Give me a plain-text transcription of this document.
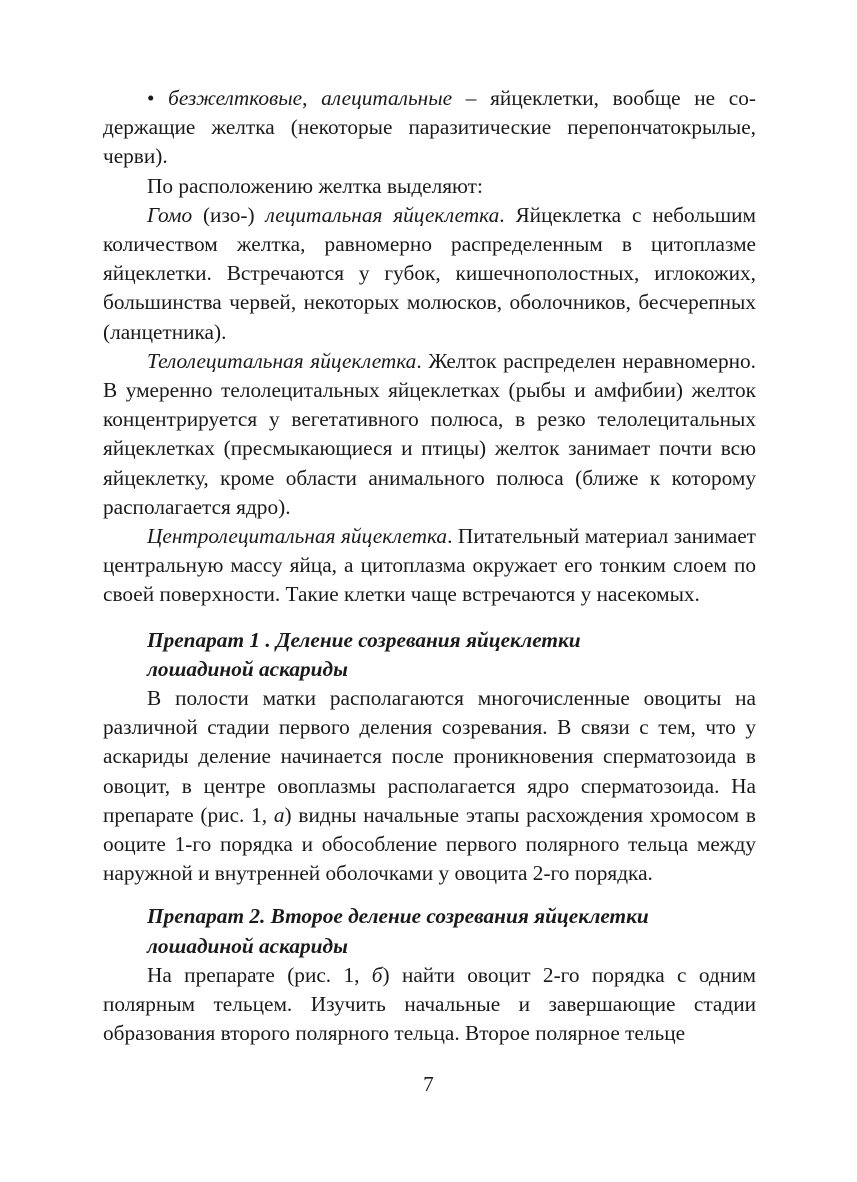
• безжелтковые, алецитальные – яйцеклетки, вообще не содержащие желтка (некоторые паразитические перепончатокрылые, черви).

По расположению желтка выделяют:

Гомо (изо-) лецитальная яйцеклетка. Яйцеклетка с небольшим количеством желтка, равномерно распределенным в цитоплазме яйцеклетки. Встречаются у губок, кишечнополостных, иглокожих, большинства червей, некоторых молюсков, оболочников, бесчерепных (ланцетника).

Телолецитальная яйцеклетка. Желток распределен неравномерно. В умеренно телолецитальных яйцеклетках (рыбы и амфибии) желток концентрируется у вегетативного полюса, в резко телолецитальных яйцеклетках (пресмыкающиеся и птицы) желток занимает почти всю яйцеклетку, кроме области анимального полюса (ближе к которому располагается ядро).

Центролецитальная яйцеклетка. Питательный материал занимает центральную массу яйца, а цитоплазма окружает его тонким слоем по своей поверхности. Такие клетки чаще встречаются у насекомых.

Препарат 1 . Деление созревания яйцеклетки
лошадиной аскариды

В полости матки располагаются многочисленные овоциты на различной стадии первого деления созревания. В связи с тем, что у аскариды деление начинается после проникновения сперматозоида в овоцит, в центре овоплазмы располагается ядро сперматозоида. На препарате (рис. 1, а) видны начальные этапы расхождения хромосом в ооците 1-го порядка и обособление первого полярного тельца между наружной и внутренней оболочками у овоцита 2-го порядка.

Препарат 2. Второе деление созревания яйцеклетки
лошадиной аскариды

На препарате (рис. 1, б) найти овоцит 2-го порядка с одним полярным тельцем. Изучить начальные и завершающие стадии образования второго полярного тельца. Второе полярное тельце

7
